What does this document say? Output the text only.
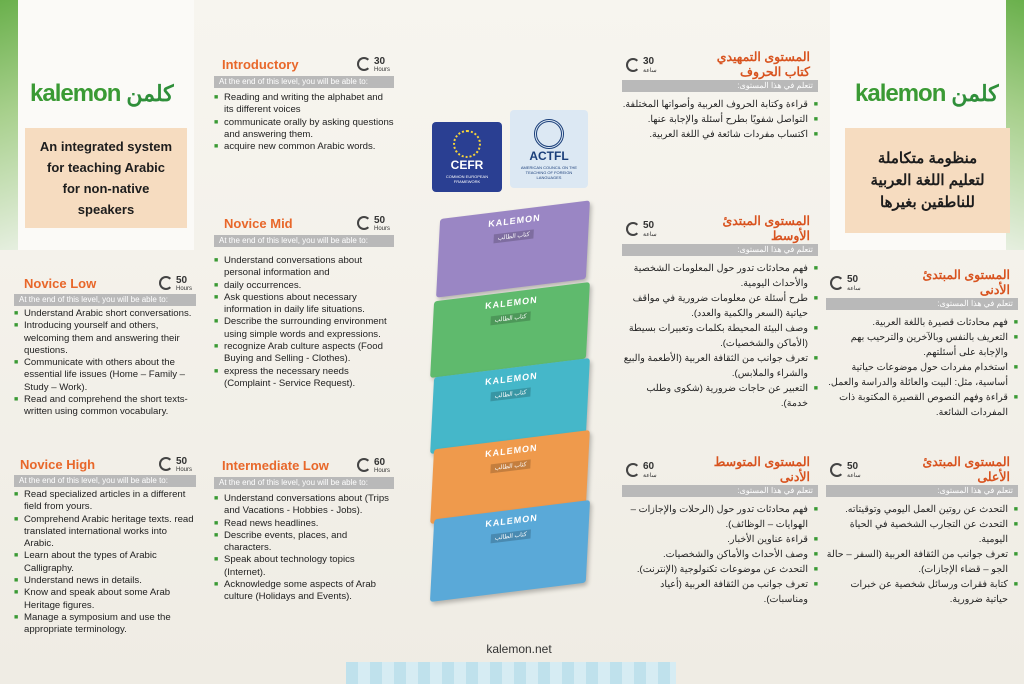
kalemon كلمن
An integrated system for teaching Arabic for non-native speakers
kalemon كلمن
منظومة متكاملة لتعليم اللغة العربية للناطقين بغيرها
Novice Low	50
Hours
At the end of this level, you will be able to:
■ Understand Arabic short conversations.
■ Introducing yourself and others, welcoming them and answering their questions.
■ Communicate with others about the essential life issues (Home – Family – Study – Work).
■ Read and comprehend the short texts-written using common vocabulary.
Novice High	50
Hours
At the end of this level, you will be able to:
■ Read specialized articles in a different field from yours.
■ Comprehend Arabic heritage texts. read translated international works into Arabic.
■ Learn about the types of Arabic Calligraphy.
■ Understand news in details.
■ Know and speak about some Arab Heritage figures.
■ Manage a symposium and use the appropriate terminology.
Introductory	30
Hours
At the end of this level, you will be able to:
■ Reading and writing the alphabet and its different voices
■ communicate orally by asking questions and answering them.
■ acquire new common Arabic words.
Novice Mid	50
Hours
At the end of this level, you will be able to:
■ Understand conversations about personal information and
■ daily occurrences.
■ Ask questions about necessary information in daily life situations.
■ Describe the surrounding environment using simple words and expressions.
■ recognize Arab culture aspects (Food Buying and Selling - Clothes).
■ express the necessary needs (Complaint - Service Request).
Intermediate Low	60
Hours
At the end of this level, you will be able to:
■ Understand conversations about (Trips and Vacations - Hobbies - Jobs).
■ Read news headlines.
■ Describe events, places, and characters.
■ Speak about technology topics (Internet).
■ Acknowledge some aspects of Arab culture (Holidays and Events).
CEFR
COMMON EUROPEAN FRAMEWORK
ACTFL
AMERICAN COUNCIL ON THE TEACHING OF FOREIGN LANGUAGES
KALEMON
كتاب الطالب
KALEMON
كتاب الطالب
KALEMON
كتاب الطالب
KALEMON
كتاب الطالب
KALEMON
كتاب الطالب
kalemon.net
30
ساعة
المستوى التمهيدي كتاب الحروف
تتعلم في هذا المستوى:
■ قراءة وكتابة الحروف العربية وأصواتها المختلفة.
■ التواصل شفويًا بطرح أسئلة والإجابة عنها.
■ اكتساب مفردات شائعة في اللغة العربية.
50
ساعة
المستوى المبتدئ الأوسط
تتعلم في هذا المستوى:
■ فهم محادثات تدور حول المعلومات الشخصية والأحداث اليومية.
■ طرح أسئلة عن معلومات ضرورية في مواقف حياتية (السعر والكمية والعدد).
■ وصف البيئة المحيطة بكلمات وتعبيرات بسيطة (الأماكن والشخصيات).
■ تعرف جوانب من الثقافة العربية (الأطعمة والبيع والشراء والملابس).
■ التعبير عن حاجات ضرورية (شكوى وطلب خدمة).
60
ساعة
المستوى المتوسط الأدنى
تتعلم في هذا المستوى:
■ فهم محادثات تدور حول (الرحلات والإجازات – الهوايات – الوظائف).
■ قراءة عناوين الأخبار.
■ وصف الأحداث والأماكن والشخصيات.
■ التحدث عن موضوعات تكنولوجية (الإنترنت).
■ تعرف جوانب من الثقافة العربية (أعياد ومناسبات).
50
ساعة
المستوى المبتدئ الأدنى
تتعلم في هذا المستوى:
■ فهم محادثات قصيرة باللغة العربية.
■ التعريف بالنفس وبالآخرين والترحيب بهم والإجابة على أسئلتهم.
■ استخدام مفردات حول موضوعات حياتية أساسية، مثل: البيت والعائلة والدراسة والعمل.
■ قراءة وفهم النصوص القصيرة المكتوبة ذات المفردات الشائعة.
50
ساعة
المستوى المبتدئ الأعلى
تتعلم في هذا المستوى:
■ التحدث عن روتين العمل اليومي وتوقيتاته.
■ التحدث عن التجارب الشخصية في الحياة اليومية.
■ تعرف جوانب من الثقافة العربية (السفر – حالة الجو – قضاء الإجازات).
■ كتابة فقرات ورسائل شخصية عن خبرات حياتية ضرورية.
